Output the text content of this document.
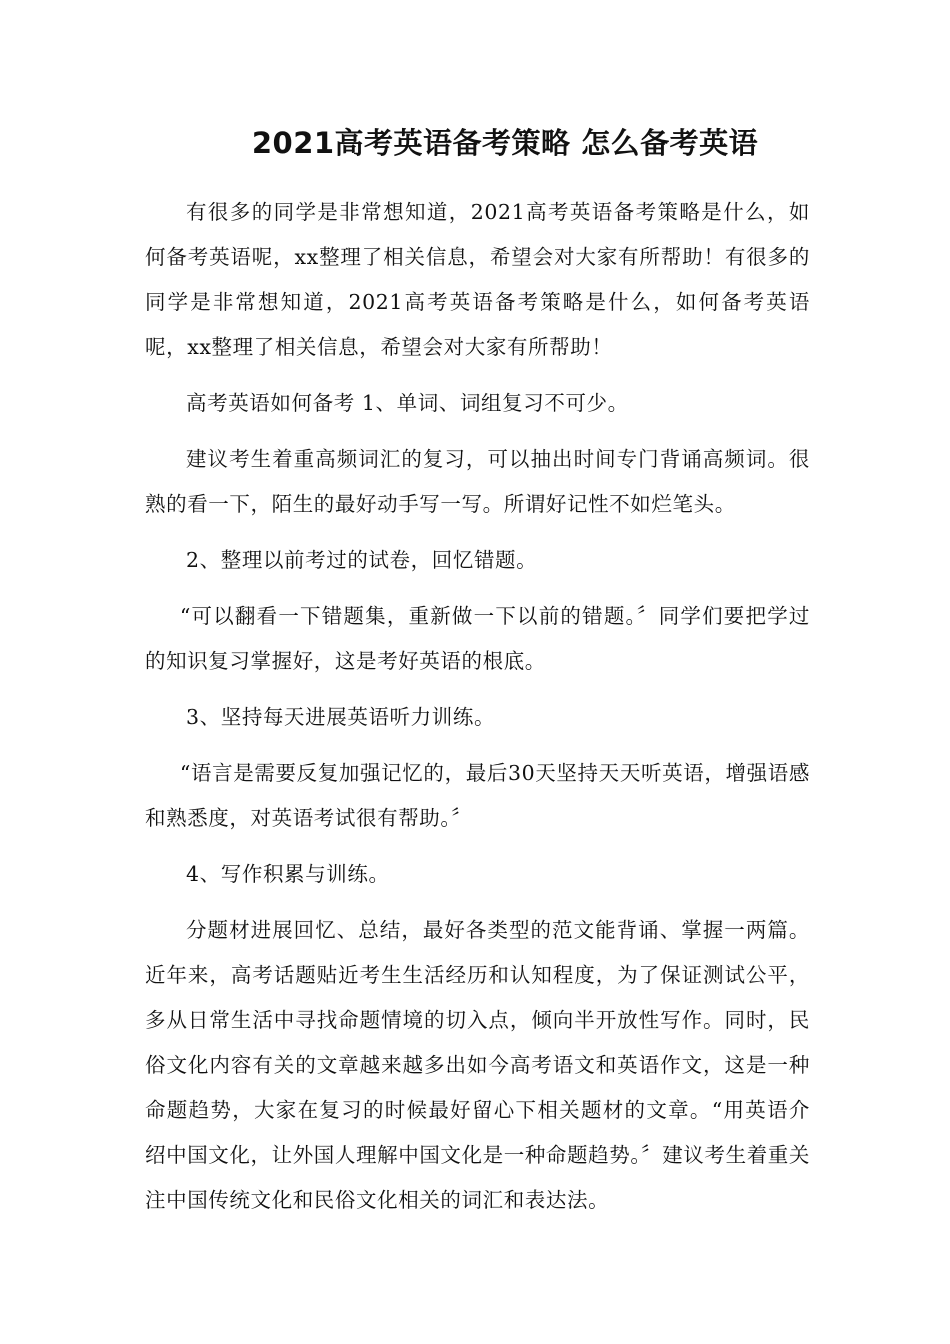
2021高考英语备考策略 怎么备考英语

有很多的同学是非常想知道，2021高考英语备考策略是什么，如何备考英语呢，xx整理了相关信息，希望会对大家有所帮助！有很多的同学是非常想知道，2021高考英语备考策略是什么，如何备考英语呢，xx整理了相关信息，希望会对大家有所帮助！

高考英语如何备考 1、单词、词组复习不可少。

建议考生着重高频词汇的复习，可以抽出时间专门背诵高频词。很熟的看一下，陌生的最好动手写一写。所谓好记性不如烂笔头。

2、整理以前考过的试卷，回忆错题。

“可以翻看一下错题集，重新做一下以前的错题。〞同学们要把学过的知识复习掌握好，这是考好英语的根底。

3、坚持每天进展英语听力训练。

“语言是需要反复加强记忆的，最后30天坚持天天听英语，增强语感和熟悉度，对英语考试很有帮助。〞

4、写作积累与训练。

分题材进展回忆、总结，最好各类型的范文能背诵、掌握一两篇。近年来，高考话题贴近考生生活经历和认知程度，为了保证测试公平，多从日常生活中寻找命题情境的切入点，倾向半开放性写作。同时，民俗文化内容有关的文章越来越多出如今高考语文和英语作文，这是一种命题趋势，大家在复习的时候最好留心下相关题材的文章。“用英语介绍中国文化，让外国人理解中国文化是一种命题趋势。〞建议考生着重关注中国传统文化和民俗文化相关的词汇和表达法。
